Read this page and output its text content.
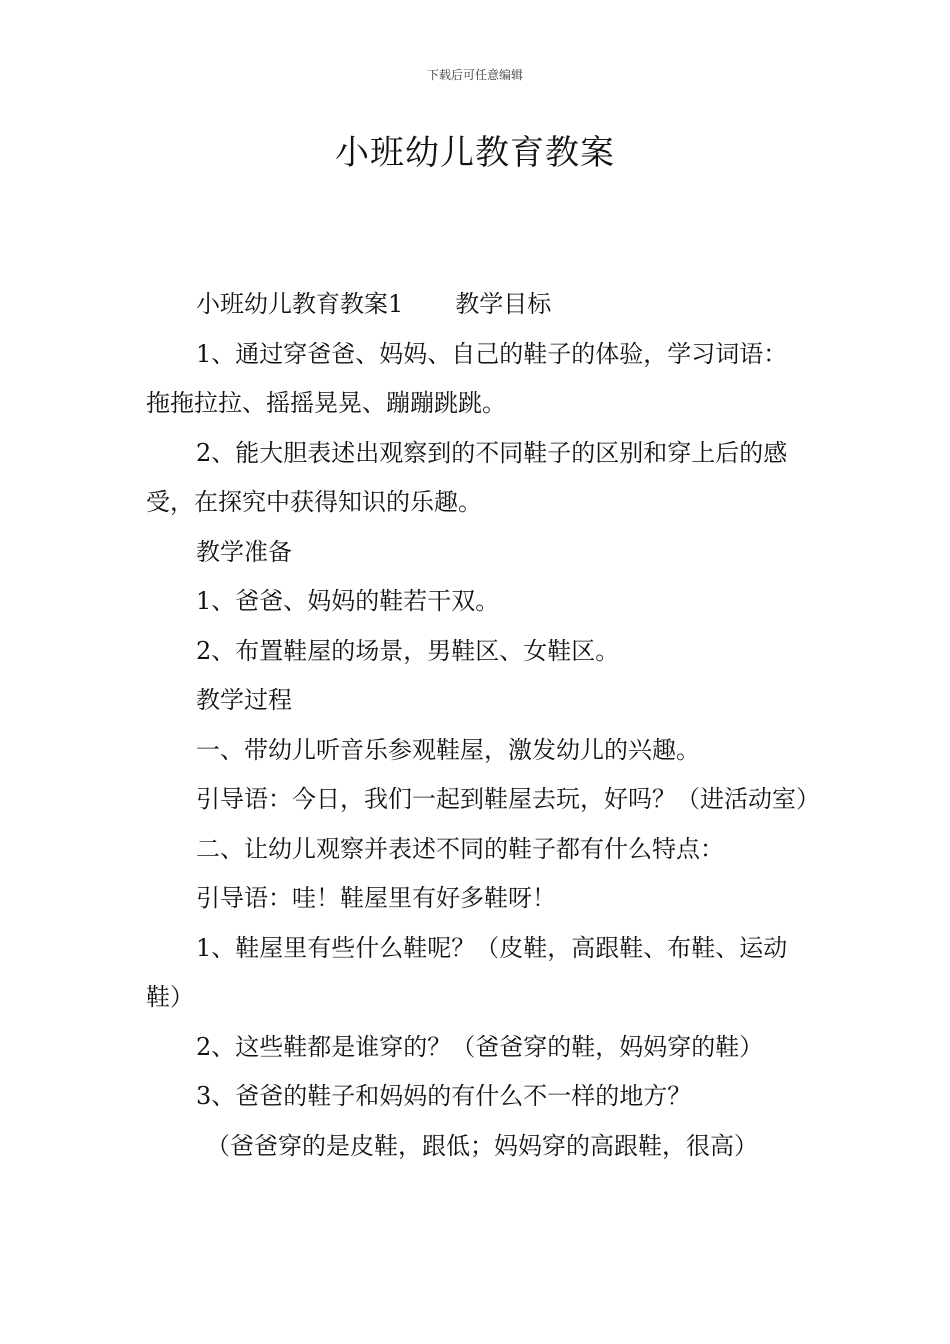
下载后可任意编辑
小班幼儿教育教案

小班幼儿教育教案1 教学目标

1、通过穿爸爸、妈妈、自己的鞋子的体验，学习词语：拖拖拉拉、摇摇晃晃、蹦蹦跳跳。

2、能大胆表述出观察到的不同鞋子的区别和穿上后的感受，在探究中获得知识的乐趣。

教学准备

1、爸爸、妈妈的鞋若干双。

2、布置鞋屋的场景，男鞋区、女鞋区。

教学过程

一、带幼儿听音乐参观鞋屋，激发幼儿的兴趣。

引导语：今日，我们一起到鞋屋去玩，好吗？（进活动室）

二、让幼儿观察并表述不同的鞋子都有什么特点：

引导语：哇！鞋屋里有好多鞋呀！

1、鞋屋里有些什么鞋呢？（皮鞋，高跟鞋、布鞋、运动鞋）

2、这些鞋都是谁穿的？（爸爸穿的鞋，妈妈穿的鞋）

3、爸爸的鞋子和妈妈的有什么不一样的地方？

（爸爸穿的是皮鞋，跟低；妈妈穿的高跟鞋，很高）
